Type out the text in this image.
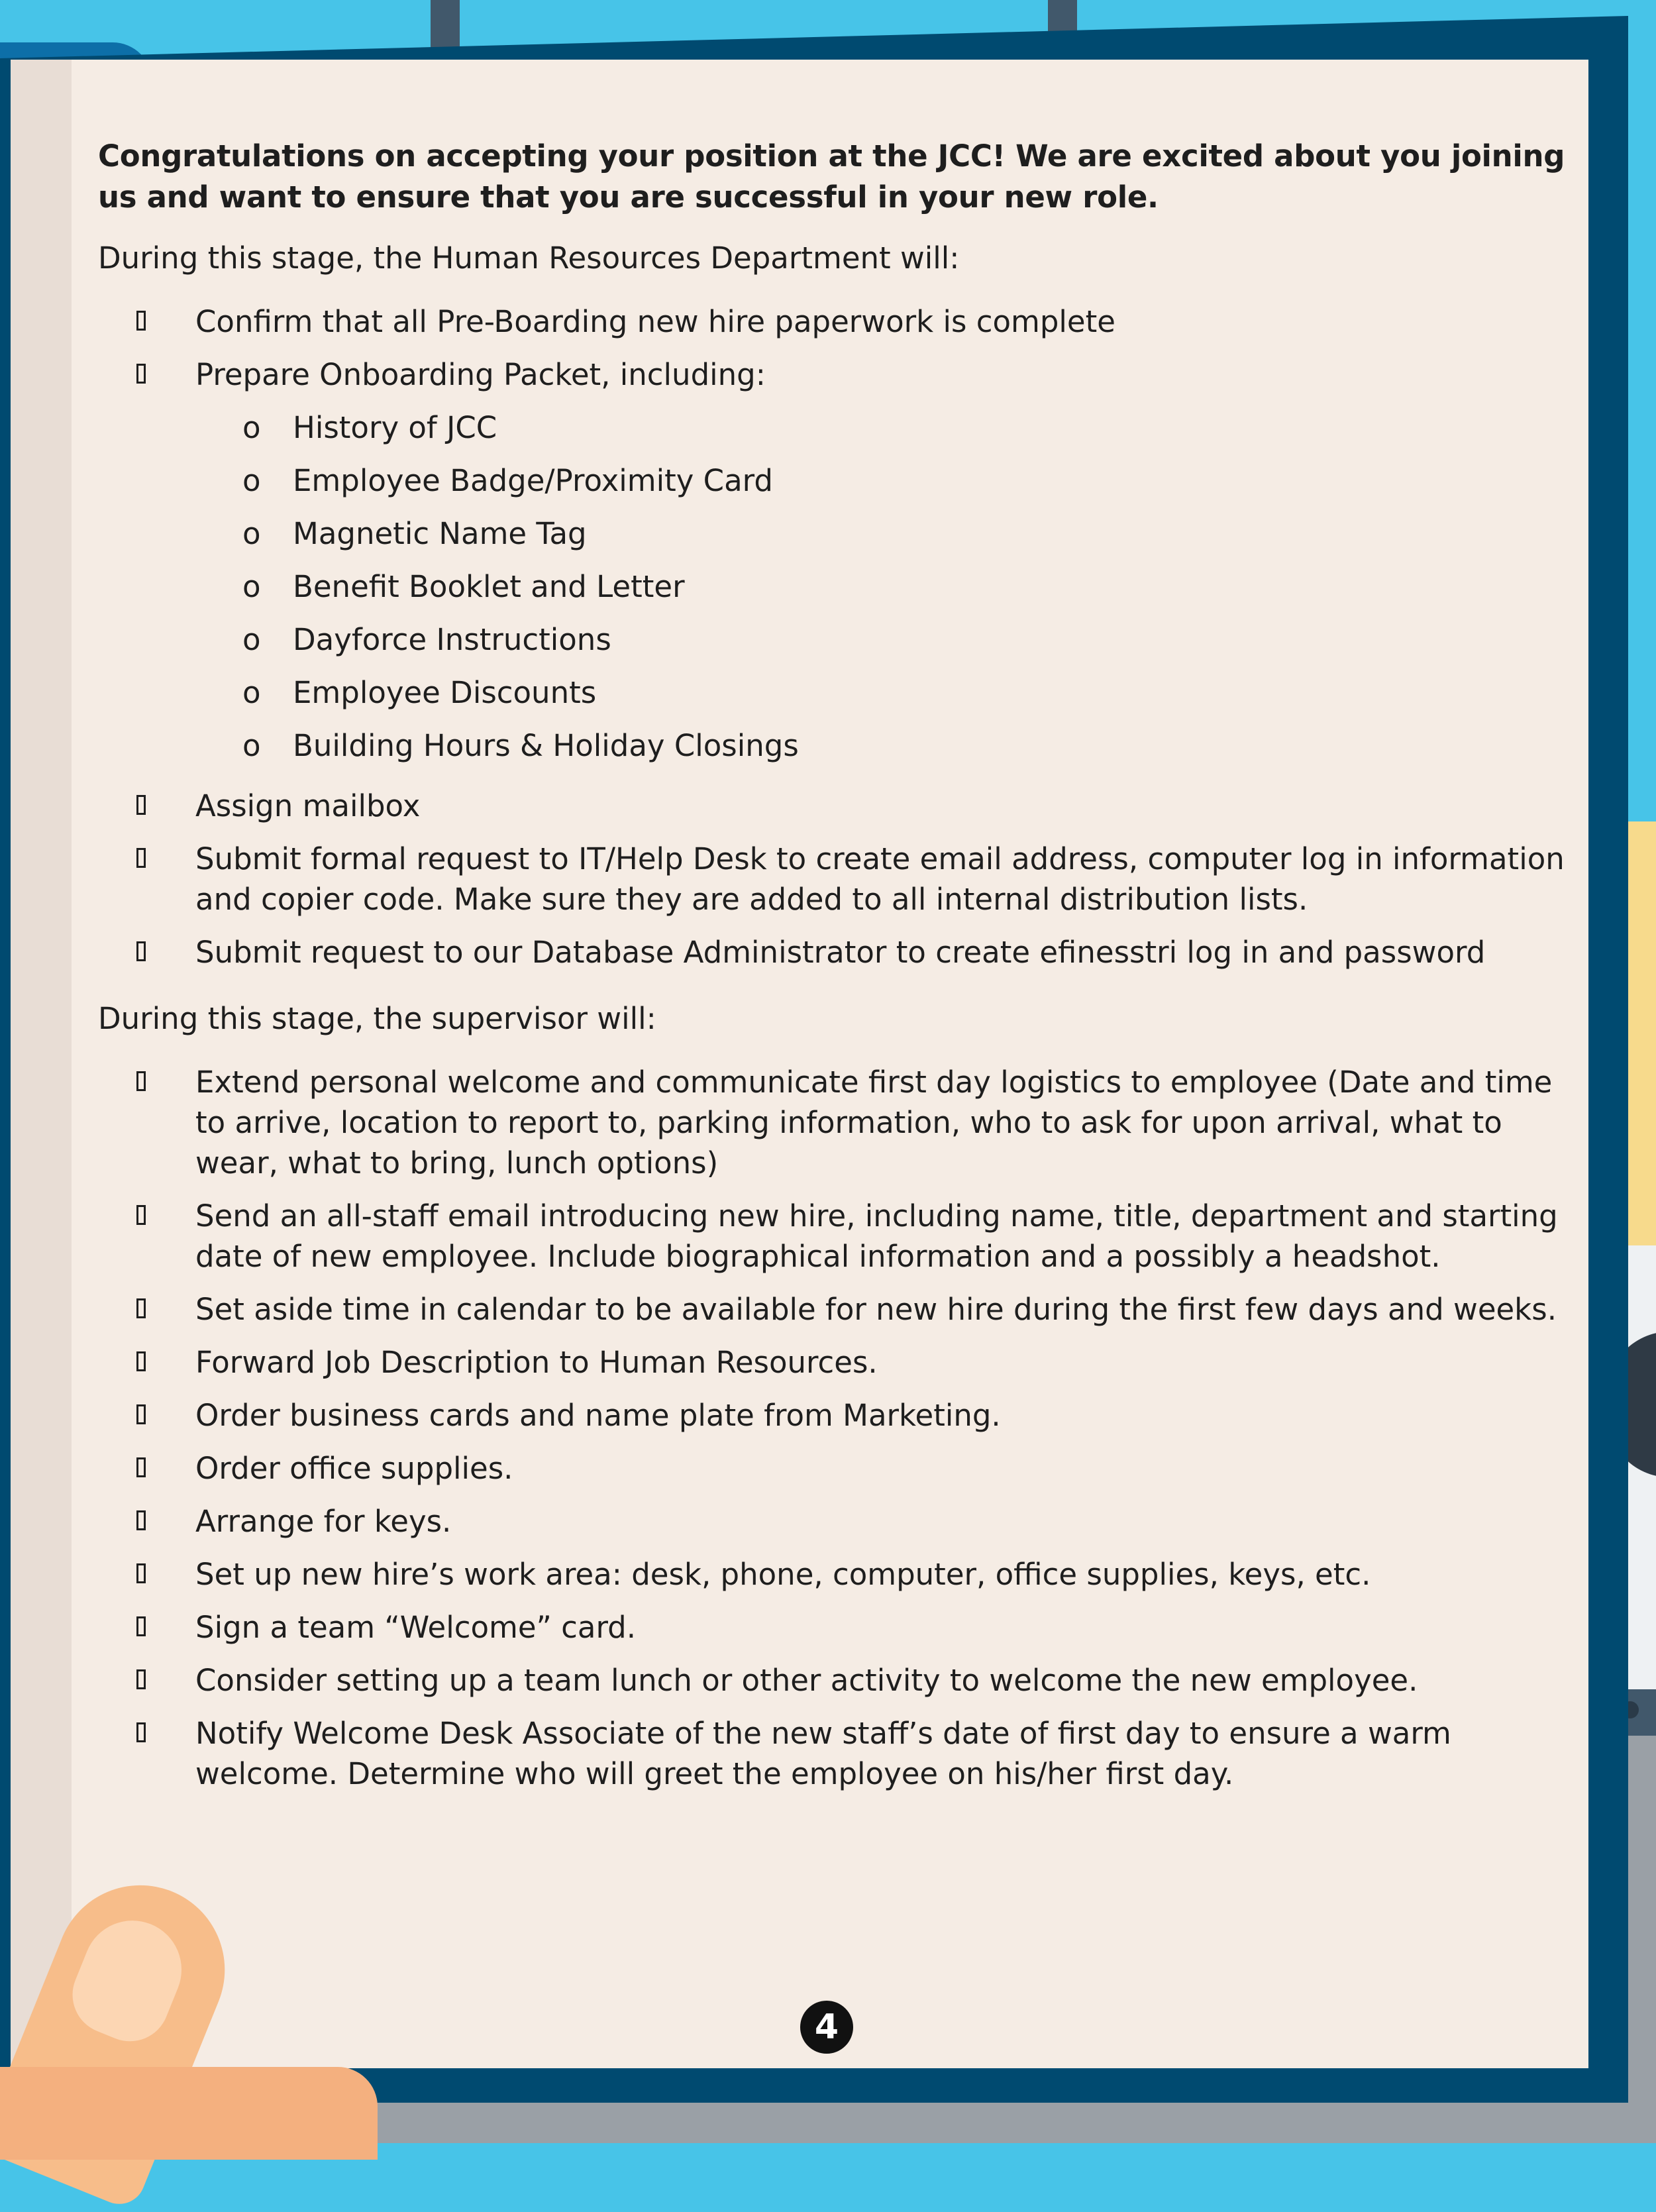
Congratulations on accepting your position at the JCC! We are excited about you joining us and want to ensure that you are successful in your new role.

During this stage, the Human Resources Department will:

Confirm that all Pre-Boarding new hire paperwork is complete
Prepare Onboarding Packet, including:
o History of JCC
o Employee Badge/Proximity Card
o Magnetic Name Tag
o Benefit Booklet and Letter
o Dayforce Instructions
o Employee Discounts
o Building Hours & Holiday Closings
Assign mailbox
Submit formal request to IT/Help Desk to create email address, computer log in information and copier code. Make sure they are added to all internal distribution lists.
Submit request to our Database Administrator to create efinesstri log in and password

During this stage, the supervisor will:

Extend personal welcome and communicate first day logistics to employee (Date and time to arrive, location to report to, parking information, who to ask for upon arrival, what to wear, what to bring, lunch options)
Send an all-staff email introducing new hire, including name, title, department and starting date of new employee. Include biographical information and a possibly a headshot.
Set aside time in calendar to be available for new hire during the first few days and weeks.
Forward Job Description to Human Resources.
Order business cards and name plate from Marketing.
Order office supplies.
Arrange for keys.
Set up new hire’s work area: desk, phone, computer, office supplies, keys, etc.
Sign a team “Welcome” card.
Consider setting up a team lunch or other activity to welcome the new employee.
Notify Welcome Desk Associate of the new staff’s date of first day to ensure a warm welcome. Determine who will greet the employee on his/her first day.
4
